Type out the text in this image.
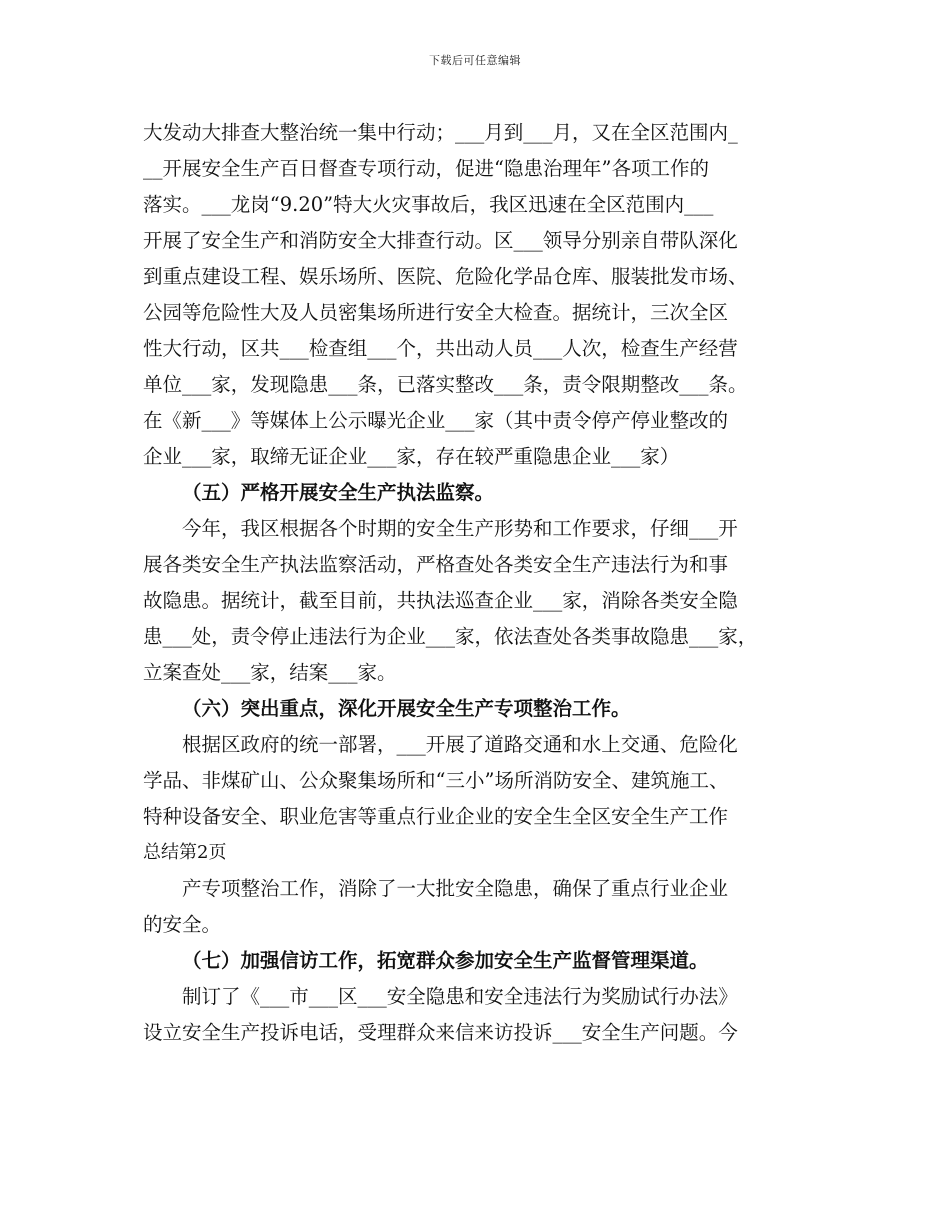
下载后可任意编辑
大发动大排查大整治统一集中行动；___月到___月，又在全区范围内_
__开展安全生产百日督查专项行动，促进“隐患治理年”各项工作的
落实。___龙岗“9.20”特大火灾事故后，我区迅速在全区范围内___
开展了安全生产和消防安全大排查行动。区___领导分别亲自带队深化
到重点建设工程、娱乐场所、医院、危险化学品仓库、服装批发市场、
公园等危险性大及人员密集场所进行安全大检查。据统计，三次全区
性大行动，区共___检查组___个，共出动人员___人次，检查生产经营
单位___家，发现隐患___条，已落实整改___条，责令限期整改___条。
在《新___》等媒体上公示曝光企业___家（其中责令停产停业整改的
企业___家，取缔无证企业___家，存在较严重隐患企业___家）
（五）严格开展安全生产执法监察。
今年，我区根据各个时期的安全生产形势和工作要求，仔细___开
展各类安全生产执法监察活动，严格查处各类安全生产违法行为和事
故隐患。据统计，截至目前，共执法巡查企业___家，消除各类安全隐
患___处，责令停止违法行为企业___家，依法查处各类事故隐患___家，
立案查处___家，结案___家。
（六）突出重点，深化开展安全生产专项整治工作。
根据区政府的统一部署，___开展了道路交通和水上交通、危险化
学品、非煤矿山、公众聚集场所和“三小”场所消防安全、建筑施工、
特种设备安全、职业危害等重点行业企业的安全生全区安全生产工作
总结第2页
产专项整治工作，消除了一大批安全隐患，确保了重点行业企业
的安全。
（七）加强信访工作，拓宽群众参加安全生产监督管理渠道。
制订了《___市___区___安全隐患和安全违法行为奖励试行办法》
设立安全生产投诉电话，受理群众来信来访投诉___安全生产问题。今
